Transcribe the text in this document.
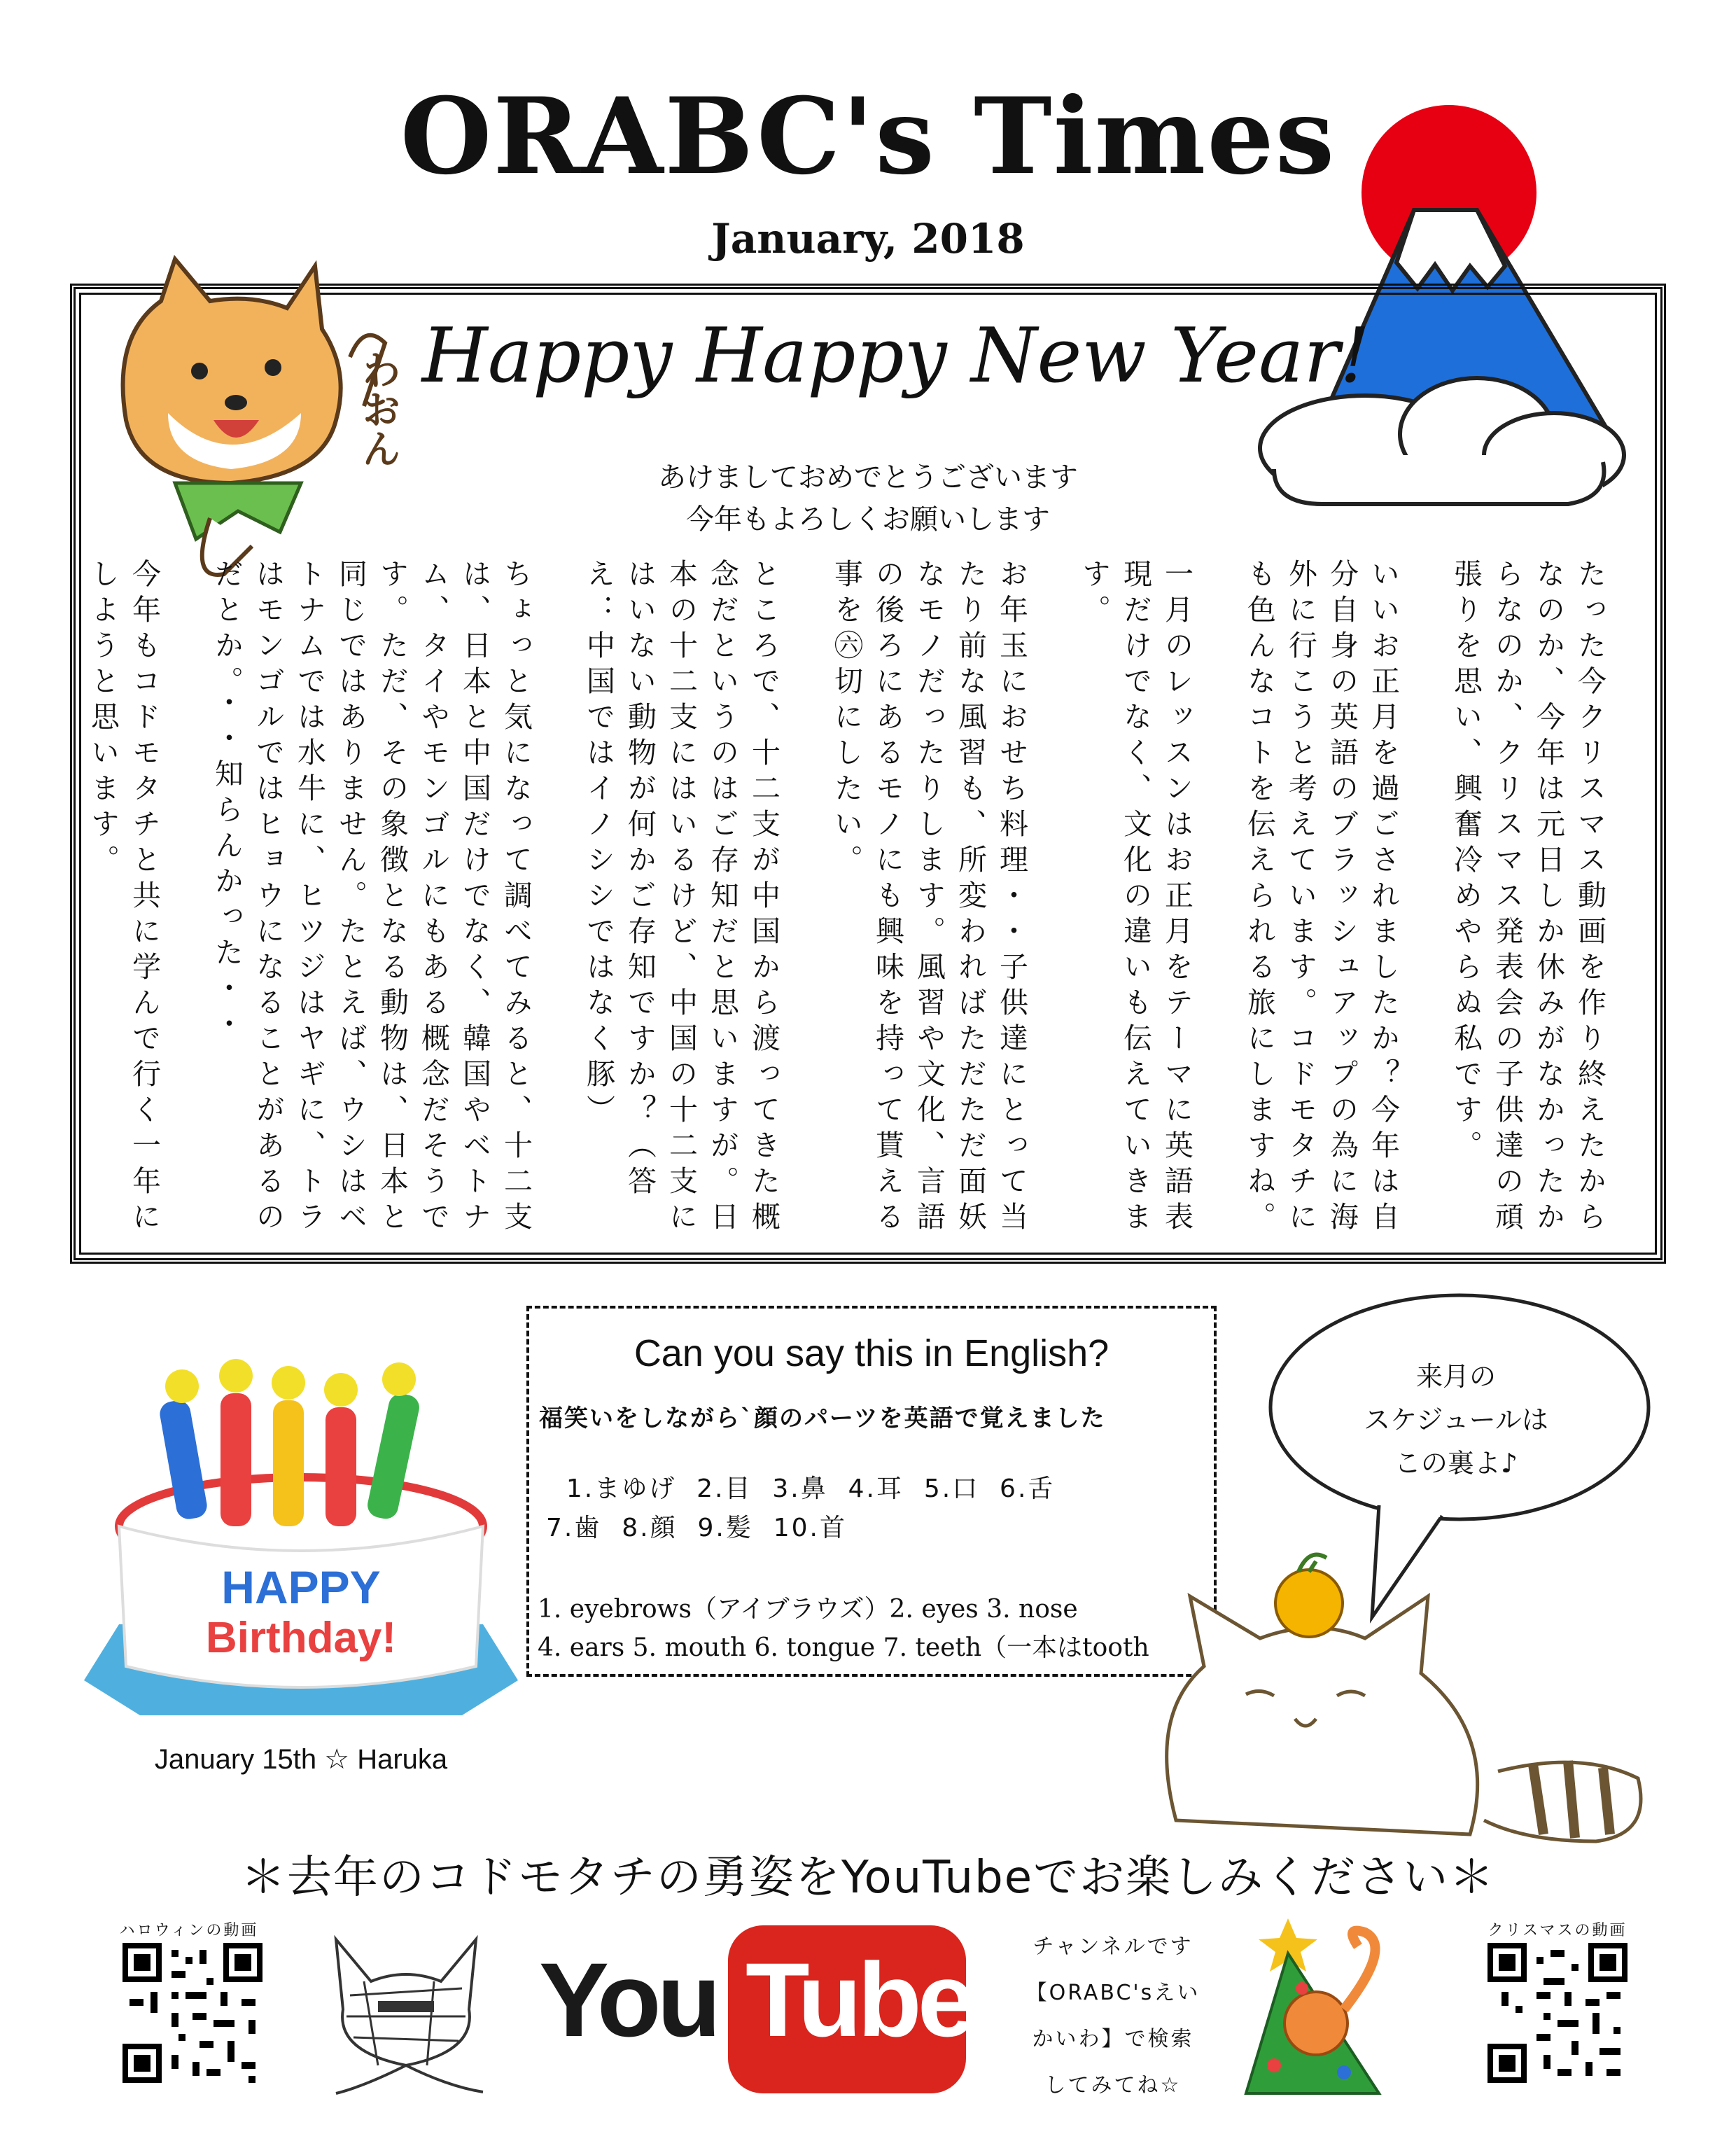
ORABC's Times
January, 2018
わおん Happy Happy New Year!
あけましておめでとうございます
今年もよろしくお願いします

たった今クリスマス動画を作り終えたからなのか、今年は元日しか休みがなかったからなのか、クリスマス発表会の子供達の頑張りを思い、興奮冷めやらぬ私です。

いいお正月を過ごされましたか？今年は自分自身の英語のブラッシュアップの為に海外に行こうと考えています。コドモタチにも色んなコトを伝えられる旅にしますね。

一月のレッスンはお正月をテーマに英語表現だけでなく、文化の違いも伝えていきます。

お年玉におせち料理・・子供達にとって当たり前な風習も、所変わればただただ面妖なモノだったりします。風習や文化、言語の後ろにあるモノにも興味を持って貰える事を㊅切にしたい。

ところで、十二支が中国から渡ってきた概念だというのはご存知だと思いますが。日本の十二支にはいるけど、中国の十二支にはいない動物が何かご存知ですか？（答え：中国ではイノシシではなく豚）

ちょっと気になって調べてみると、十二支は、日本と中国だけでなく、韓国やベトナム、タイやモンゴルにもある概念だそうです。ただ、その象徴となる動物は、日本と同じではありません。たとえば、ウシはベトナムでは水牛に、ヒツジはヤギに、トラはモンゴルではヒョウになることがあるのだとか。・・知らんかった・・

今年もコドモタチと共に学んで行く一年にしようと思います。

HAPPY
Birthday!
January 15th ☆ Haruka
Can you say this in English?
福笑いをしながら`顔のパーツを英語で覚えました
1.まゆげ  2.目  3.鼻  4.耳  5.口  6.舌
7.歯  8.顔  9.髪  10.首
1. eyebrows（アイブラウズ）2. eyes 3. nose
4. ears 5. mouth 6. tongue 7. teeth（一本はtooth
来月の
スケジュールは
この裏よ♪
＊去年のコドモタチの勇姿をYouTubeでお楽しみください＊
ハロウィンの動画
You Tube	チャンネルです
【ORABC'sえい
かいわ】で検索
してみてね☆
クリスマスの動画
